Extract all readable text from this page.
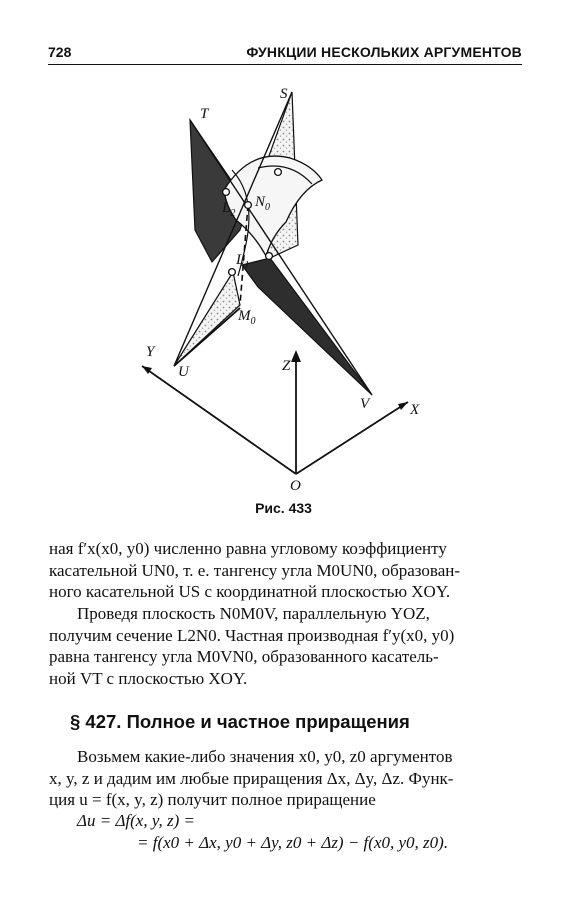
728	ФУНКЦИИ НЕСКОЛЬКИХ АРГУМЕНТОВ
T
S
$N_0$
$L_2$
$L_1$
$M_0$
Y
U	Z
V	X
O
Рис. 433

ная f′x(x0, y0) численно равна угловому коэффициенту

касательной UN0, т. е. тангенсу угла M0UN0, образован-

ного касательной US с координатной плоскостью XOY.

Проведя плоскость N0M0V, параллельную YOZ,

получим сечение L2N0. Частная производная f′y(x0, y0)

равна тангенсу угла M0VN0, образованного касатель-

ной VT с плоскостью XOY.

§ 427. Полное и частное приращения

Возьмем какие-либо значения x0, y0, z0 аргументов

x, y, z и дадим им любые приращения Δx, Δy, Δz. Функ-

ция u = f(x, y, z) получит полное приращение

Δu = Δf(x, y, z) =
= f(x0 + Δx, y0 + Δy, z0 + Δz) − f(x0, y0, z0).
